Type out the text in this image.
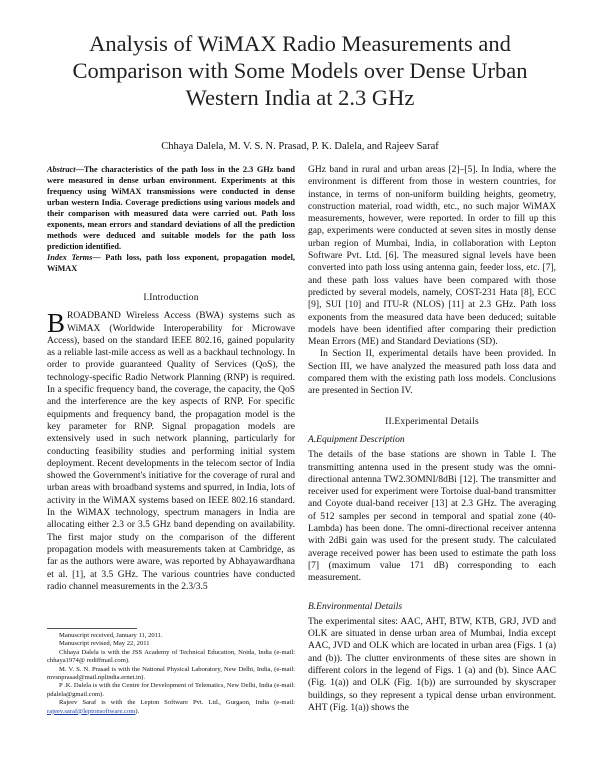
Analysis of WiMAX Radio Measurements and Comparison with Some Models over Dense Urban Western India at 2.3 GHz
Chhaya Dalela, M. V. S. N. Prasad, P. K. Dalela, and Rajeev Saraf

Abstract—The characteristics of the path loss in the 2.3 GHz band were measured in dense urban environment. Experiments at this frequency using WiMAX transmissions were conducted in dense urban western India. Coverage predictions using various models and their comparison with measured data were carried out. Path loss exponents, mean errors and standard deviations of all the prediction methods were deduced and suitable models for the path loss prediction identified.

Index Terms— Path loss, path loss exponent, propagation model, WiMAX

I.Introduction

BROADBAND Wireless Access (BWA) systems such as WiMAX (Worldwide Interoperability for Microwave Access), based on the standard IEEE 802.16, gained popularity as a reliable last-mile access as well as a backhaul technology. In order to provide guaranteed Quality of Services (QoS), the technology-specific Radio Network Planning (RNP) is required. In a specific frequency band, the coverage, the capacity, the QoS and the interference are the key aspects of RNP. For specific equipments and frequency band, the propagation model is the key parameter for RNP. Signal propagation models are extensively used in such network planning, particularly for conducting feasibility studies and performing initial system deployment. Recent developments in the telecom sector of India showed the Government's initiative for the coverage of rural and urban areas with broadband systems and spurred, in India, lots of activity in the WiMAX systems based on IEEE 802.16 standard. In the WiMAX technology, spectrum managers in India are allocating either 2.3 or 3.5 GHz band depending on availability. The first major study on the comparison of the different propagation models with measurements taken at Cambridge, as far as the authors were aware, was reported by Abhayawardhana et al. [1], at 3.5 GHz. The various countries have conducted radio channel measurements in the 2.3/3.5

Manuscript received, January 11, 2011.

Manuscript revised, May 22, 2011

Chhaya Dalela is with the JSS Academy of Technical Education, Noida, India (e-mail: chhaya1974@ rediffmail.com).

M. V. S. N. Prasad is with the National Physical Laboratory, New Delhi, India, (e-mail: mvsnprasad@mail.nplindia.ernet.in).

P .K. Dalela is with the Centre for Development of Telematics, New Delhi, India (e-mail: pdalela@gmail.com).

Rajeev Saraf is with the Lepton Software Pvt. Ltd., Gurgaon, India (e-mail: rajeev.saraf@leptonsoftware.com).

GHz band in rural and urban areas [2]–[5]. In India, where the environment is different from those in western countries, for instance, in terms of non-uniform building heights, geometry, construction material, road width, etc., no such major WiMAX measurements, however, were reported. In order to fill up this gap, experiments were conducted at seven sites in mostly dense urban region of Mumbai, India, in collaboration with Lepton Software Pvt. Ltd. [6]. The measured signal levels have been converted into path loss using antenna gain, feeder loss, etc. [7], and these path loss values have been compared with those predicted by several models, namely, COST-231 Hata [8], ECC [9], SUI [10] and ITU-R (NLOS) [11] at 2.3 GHz. Path loss exponents from the measured data have been deduced; suitable models have been identified after comparing their prediction Mean Errors (ME) and Standard Deviations (SD).

In Section II, experimental details have been provided. In Section III, we have analyzed the measured path loss data and compared them with the existing path loss models. Conclusions are presented in Section IV.

II.Experimental Details
A.Equipment Description

The details of the base stations are shown in Table I. The transmitting antenna used in the present study was the omni-directional antenna TW2.3OMNI/8dBi [12]. The transmitter and receiver used for experiment were Tortoise dual-band transmitter and Coyote dual-band receiver [13] at 2.3 GHz. The averaging of 512 samples per second in temporal and spatial zone (40-Lambda) has been done. The omni-directional receiver antenna with 2dBi gain was used for the present study. The calculated average received power has been used to estimate the path loss [7] (maximum value 171 dB) corresponding to each measurement.

B.Environmental Details

The experimental sites: AAC, AHT, BTW, KTB, GRJ, JVD and OLK are situated in dense urban area of Mumbai, India except AAC, JVD and OLK which are located in urban area (Figs. 1 (a) and (b)). The clutter environments of these sites are shown in different colors in the legend of Figs. 1 (a) and (b). Since AAC (Fig. 1(a)) and OLK (Fig. 1(b)) are surrounded by skyscraper buildings, so they represent a typical dense urban environment. AHT (Fig. 1(a)) shows the
